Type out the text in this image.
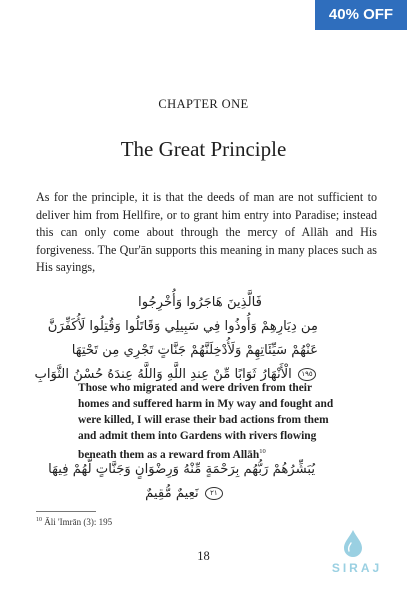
40% OFF
CHAPTER ONE
The Great Principle

As for the principle, it is that the deeds of man are not sufficient to deliver him from Hellfire, or to grant him entry into Paradise; instead this can only come about through the mercy of Allāh and His forgiveness. The Qur'ān supports this meaning in many places such as His sayings,

فَالَّذِينَ هَاجَرُوا وَأُخْرِجُوا
مِن دِيَارِهِمْ وَأُوذُوا فِي سَبِيلِي وَقَاتَلُوا وَقُتِلُوا لَأُكَفِّرَنَّ
عَنْهُمْ سَيِّئَاتِهِمْ وَلَأُدْخِلَنَّهُمْ جَنَّاتٍ تَجْرِي مِن تَحْتِهَا
١٩٥ الْأَنْهَارُ ثَوَابًا مِّنْ عِندِ اللَّهِ وَاللَّهُ عِندَهُ حُسْنُ الثَّوَابِ

Those who migrated and were driven from their homes and suffered harm in My way and fought and were killed, I will erase their bad actions from them and admit them into Gardens with rivers flowing beneath them as a reward from Allāh$^{10}$

يُبَشِّرُهُمْ رَبُّهُم بِرَحْمَةٍ مِّنْهُ وَرِضْوَانٍ وَجَنَّاتٍ لَّهُمْ فِيهَا
٢١ نَعِيمٌ مُّقِيمٌ
$^{10}$ Āli 'Imrān (3): 195
18
SIRAJ
